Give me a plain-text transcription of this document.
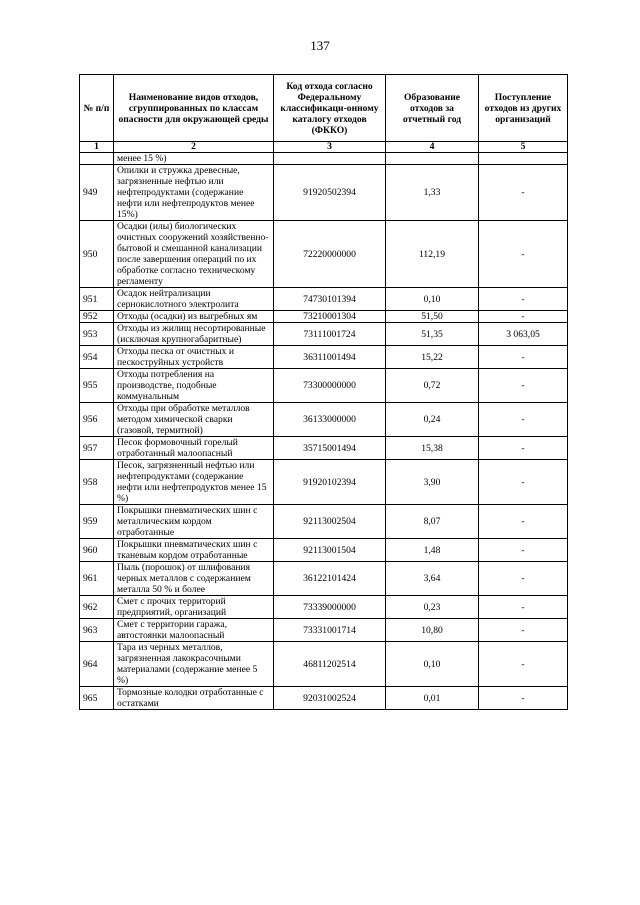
137
№ п/п	Наименование видов отходов, сгруппированных по классам опасности для окружающей среды	Код отхода согласно Федеральному классификаци-онному каталогу отходов (ФККО)	Образование отходов за отчетный год	Поступление отходов из других организаций
1	2	3	4	5
	менее 15 %)			
949	Опилки и стружка древесные, загрязненные нефтью или нефтепродуктами (содержание нефти или нефтепродуктов менее 15%)	91920502394	1,33	-
950	Осадки (илы) биологических очистных сооружений хозяйственно-бытовой и смешанной канализации после завершения операций по их обработке согласно техническому регламенту	72220000000	112,19	-
951	Осадок нейтрализации сернокислотного электролита	74730101394	0,10	-
952	Отходы (осадки) из выгребных ям	73210001304	51,50	-
953	Отходы из жилищ несортированные (исключая крупногабаритные)	73111001724	51,35	3 063,05
954	Отходы песка от очистных и пескоструйных устройств	36311001494	15,22	-
955	Отходы потребления на производстве, подобные коммунальным	73300000000	0,72	-
956	Отходы при обработке металлов методом химической сварки (газовой, термитной)	36133000000	0,24	-
957	Песок формовочный горелый отработанный малоопасный	35715001494	15,38	-
958	Песок, загрязненный нефтью или нефтепродуктами (содержание нефти или нефтепродуктов менее 15 %)	91920102394	3,90	-
959	Покрышки пневматических шин с металлическим кордом отработанные	92113002504	8,07	-
960	Покрышки пневматических шин с тканевым кордом отработанные	92113001504	1,48	-
961	Пыль (порошок) от шлифования черных металлов с содержанием металла 50 % и более	36122101424	3,64	-
962	Смет с прочих территорий предприятий, организаций	73339000000	0,23	-
963	Смет с территории гаража, автостоянки малоопасный	73331001714	10,80	-
964	Тара из черных металлов, загрязненная лакокрасочными материалами (содержание менее 5 %)	46811202514	0,10	-
965	Тормозные колодки отработанные с остатками	92031002524	0,01	-
